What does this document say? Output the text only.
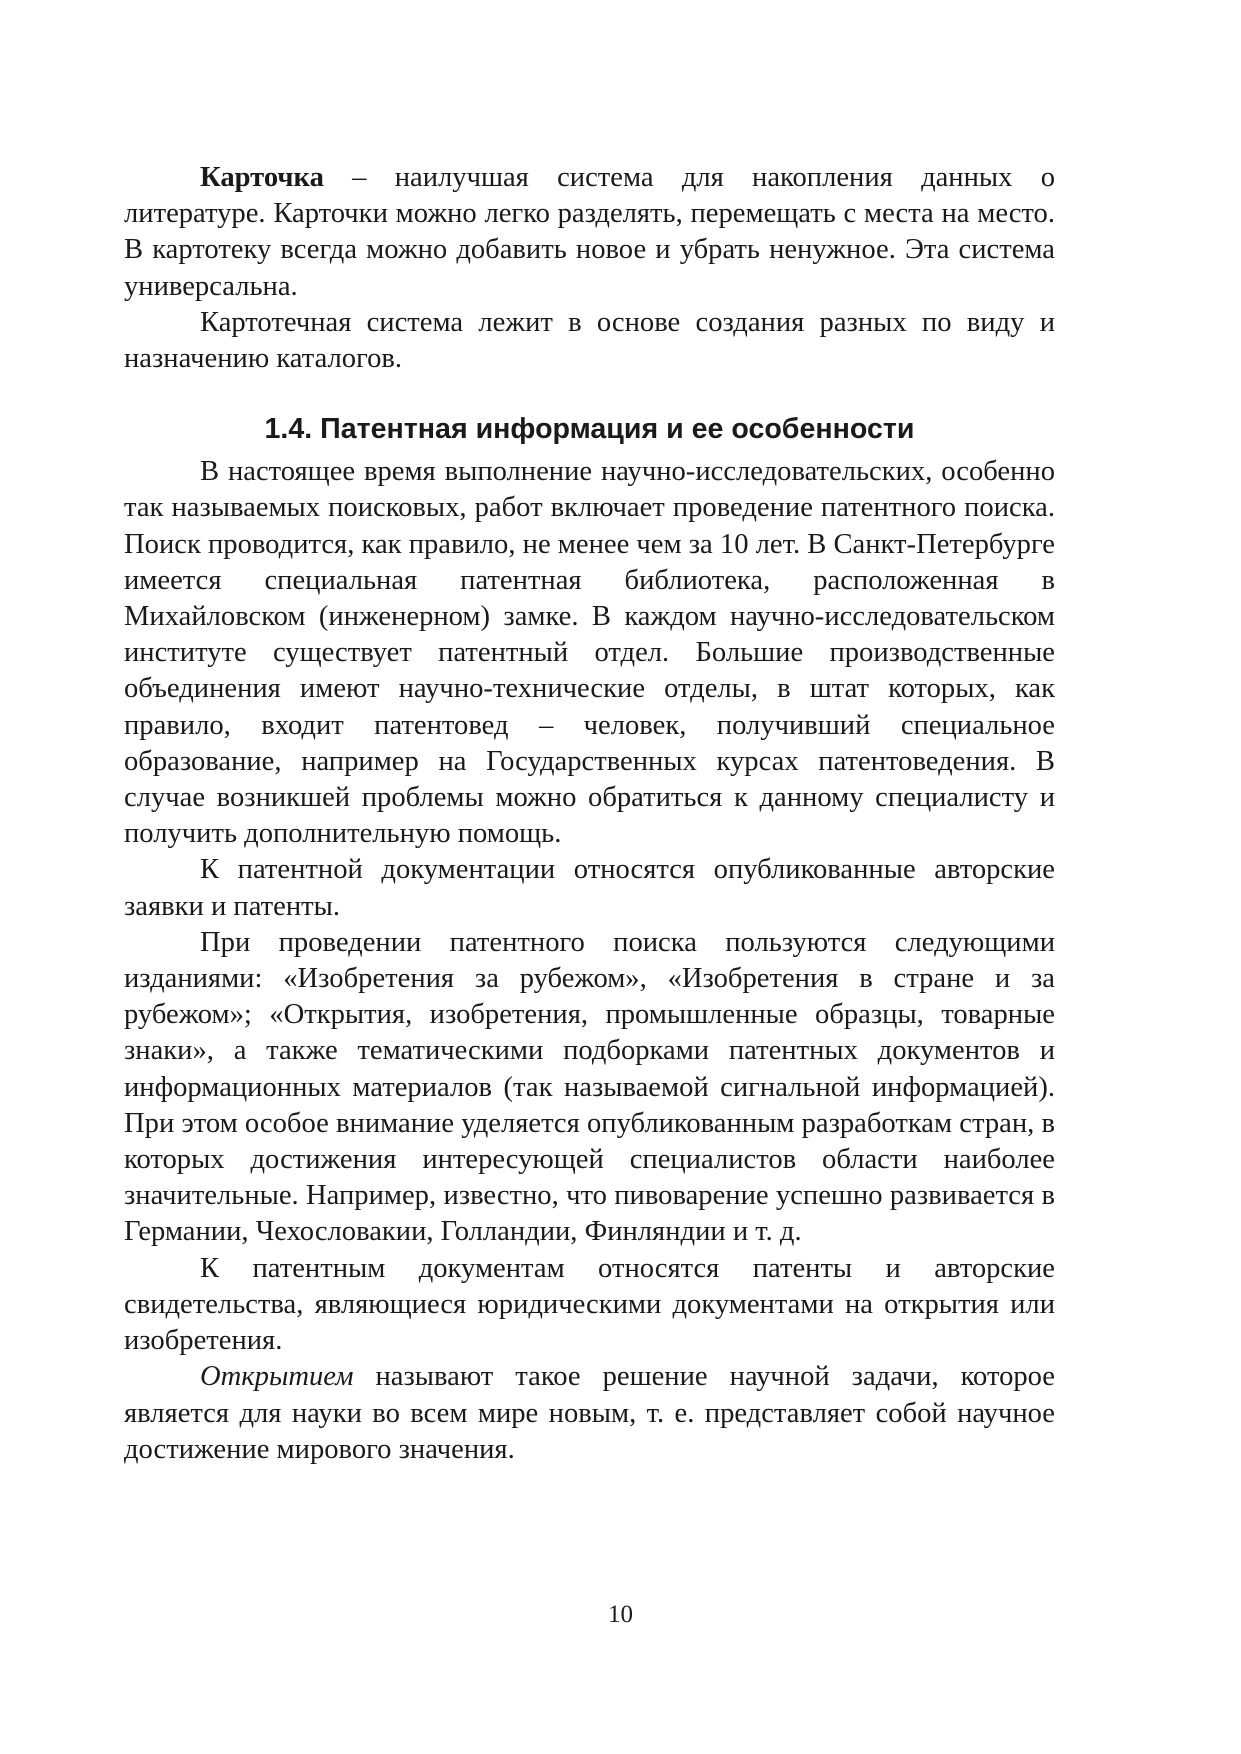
Карточка – наилучшая система для накопления данных о литературе. Карточки можно легко разделять, перемещать с места на место. В картотеку всегда можно добавить новое и убрать ненужное. Эта система универсальна.

Картотечная система лежит в основе создания разных по виду и назначению каталогов.

1.4. Патентная информация и ее особенности

В настоящее время выполнение научно-исследовательских, особенно так называемых поисковых, работ включает проведение патентного поиска. Поиск проводится, как правило, не менее чем за 10 лет. В Санкт-Петербурге имеется специальная патентная библиотека, расположенная в Михайловском (инженерном) замке. В каждом научно-исследовательском институте существует патентный отдел. Большие производственные объединения имеют научно-технические отделы, в штат которых, как правило, входит патентовед – человек, получивший специальное образование, например на Государственных курсах патентоведения. В случае возникшей проблемы можно обратиться к данному специалисту и получить дополнительную помощь.

К патентной документации относятся опубликованные авторские заявки и патенты.

При проведении патентного поиска пользуются следующими изданиями: «Изобретения за рубежом», «Изобретения в стране и за рубежом»; «Открытия, изобретения, промышленные образцы, товарные знаки», а также тематическими подборками патентных документов и информационных материалов (так называемой сигнальной информацией). При этом особое внимание уделяется опубликованным разработкам стран, в которых достижения интересующей специалистов области наиболее значительные. Например, известно, что пивоварение успешно развивается в Германии, Чехословакии, Голландии, Финляндии и т. д.

К патентным документам относятся патенты и авторские свидетельства, являющиеся юридическими документами на открытия или изобретения.

Открытием называют такое решение научной задачи, которое является для науки во всем мире новым, т. е. представляет собой научное достижение мирового значения.

10
